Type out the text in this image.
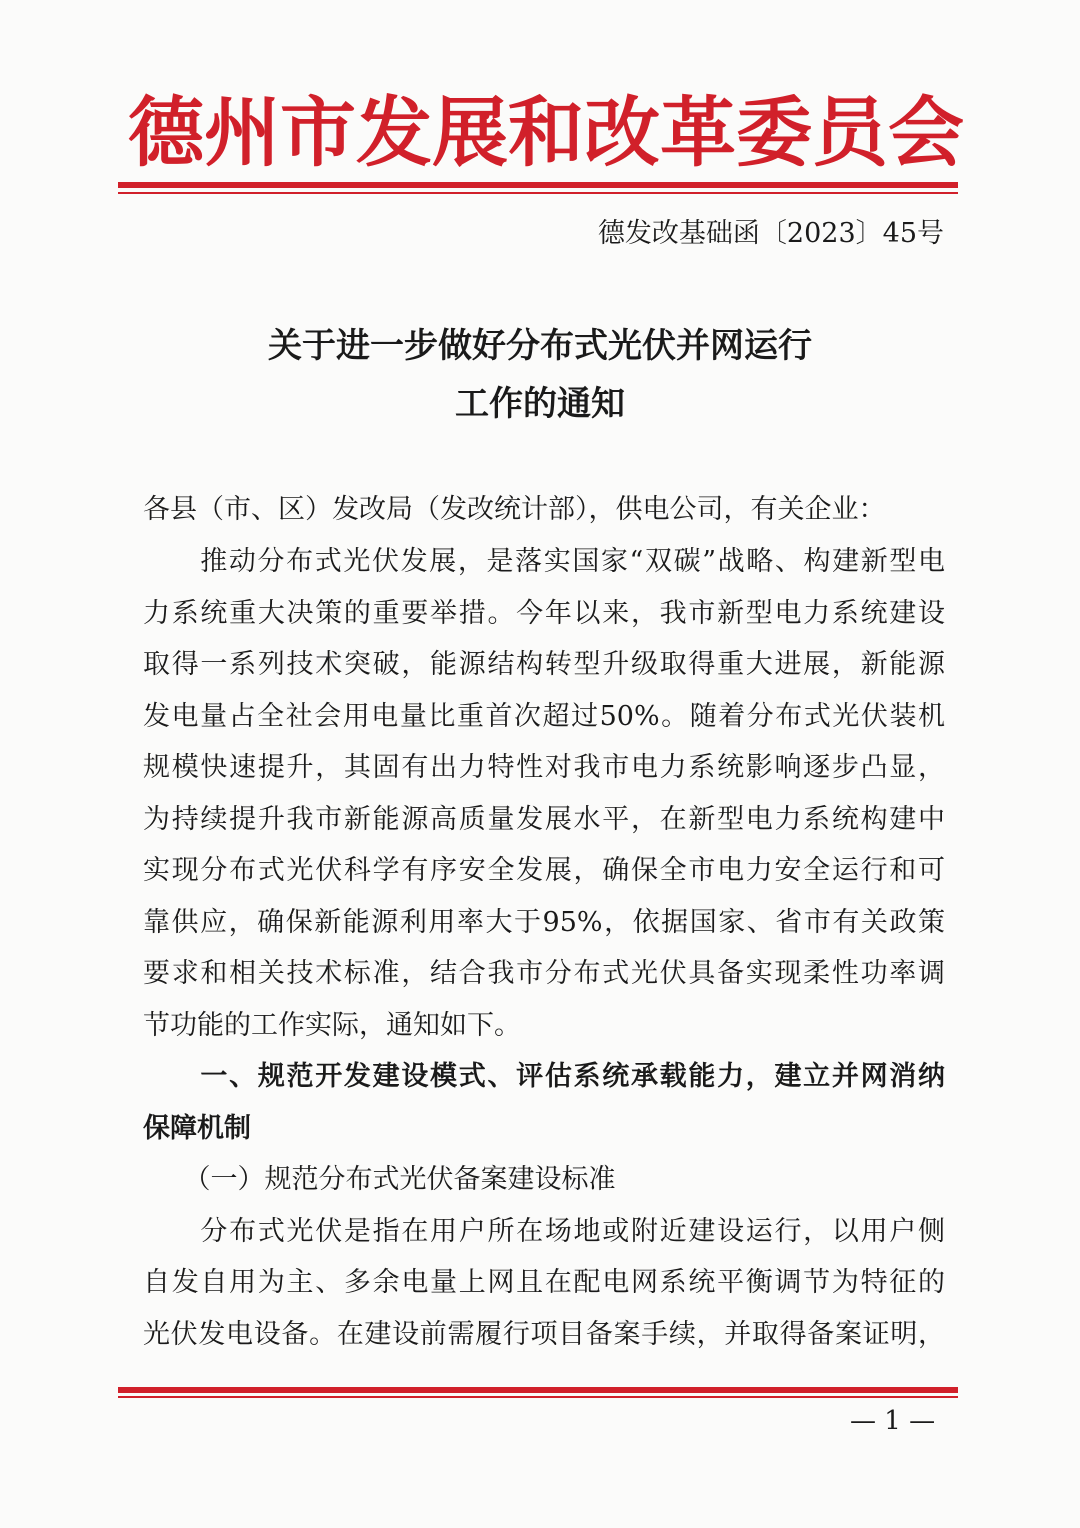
德 州 市 发 展 和 改 革 委 员 会
德发改基础函〔2023〕45号
关于进一步做好分布式光伏并网运行
工作的通知
各县（市、区）发改局（发改统计部），供电公司，有关企业：
　　推动分布式光伏发展，是落实国家“双碳”战略、构建新型电
力系统重大决策的重要举措。今年以来，我市新型电力系统建设
取得一系列技术突破，能源结构转型升级取得重大进展，新能源
发电量占全社会用电量比重首次超过50%。随着分布式光伏装机
规模快速提升，其固有出力特性对我市电力系统影响逐步凸显，
为持续提升我市新能源高质量发展水平，在新型电力系统构建中
实现分布式光伏科学有序安全发展，确保全市电力安全运行和可
靠供应，确保新能源利用率大于95%，依据国家、省市有关政策
要求和相关技术标准，结合我市分布式光伏具备实现柔性功率调
节功能的工作实际，通知如下。
　　一、规范开发建设模式、评估系统承载能力，建立并网消纳
保障机制
　　（一）规范分布式光伏备案建设标准
　　分布式光伏是指在用户所在场地或附近建设运行，以用户侧
自发自用为主、多余电量上网且在配电网系统平衡调节为特征的
光伏发电设备。在建设前需履行项目备案手续，并取得备案证明，
— 1 —
